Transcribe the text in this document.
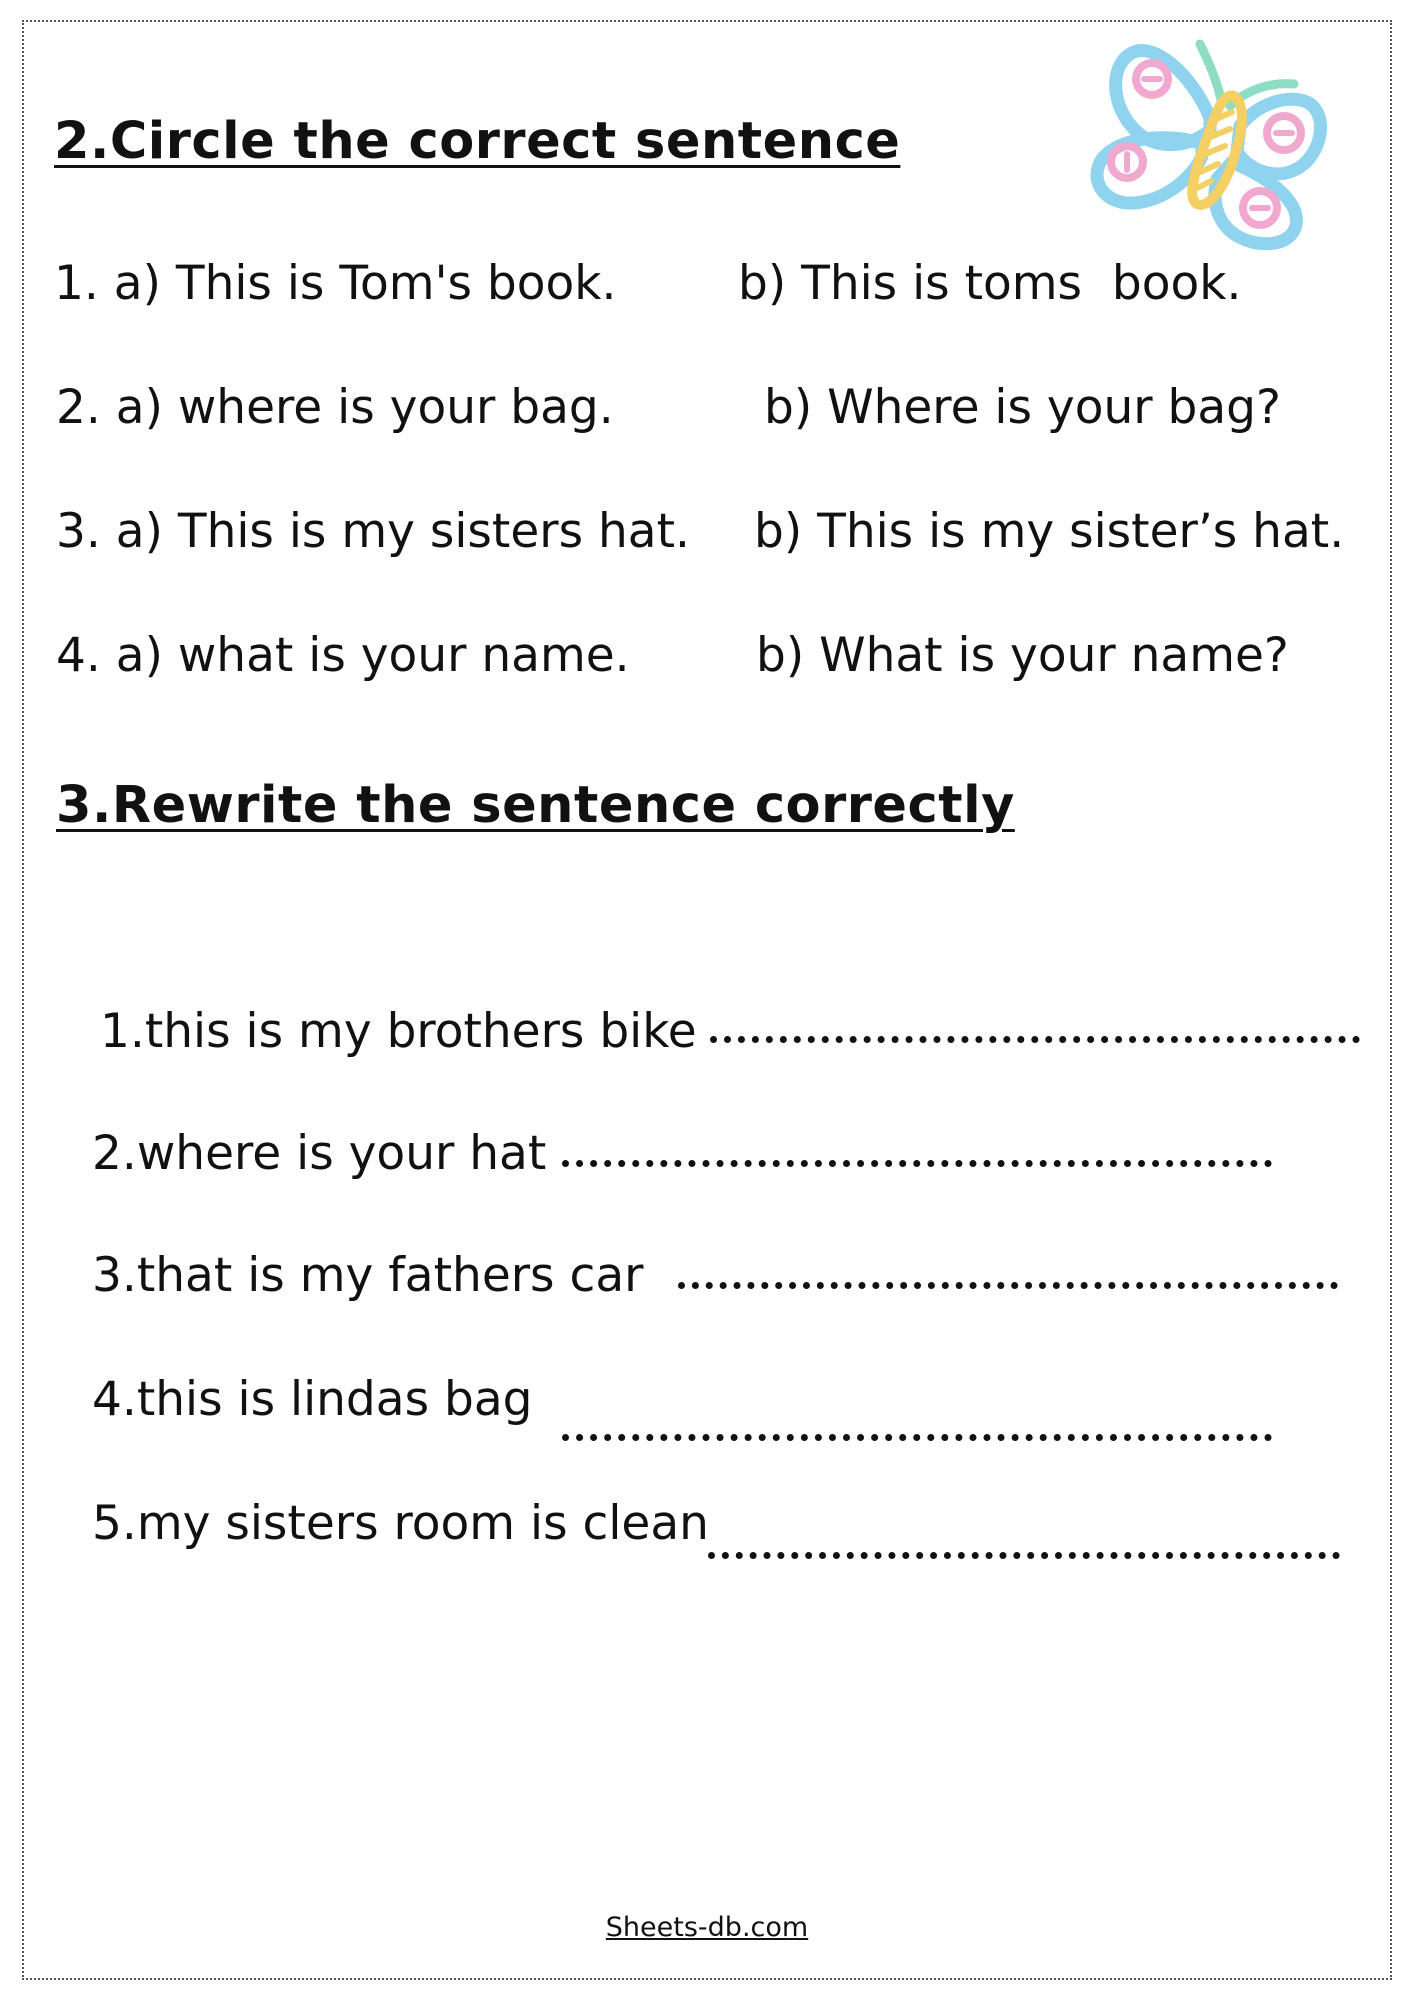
2.Circle the correct sentence
1. a) This is Tom's book.	b) This is toms  book.
2. a) where is your bag.	b) Where is your bag?
3. a) This is my sisters hat. b) This is my sister’s hat.
4. a) what is your name.	b) What is your name?
3.Rewrite the sentence correctly
1.this is my brothers bike
2.where is your hat
3.that is my fathers car
4.this is lindas bag
5.my sisters room is clean
Sheets-db.com
